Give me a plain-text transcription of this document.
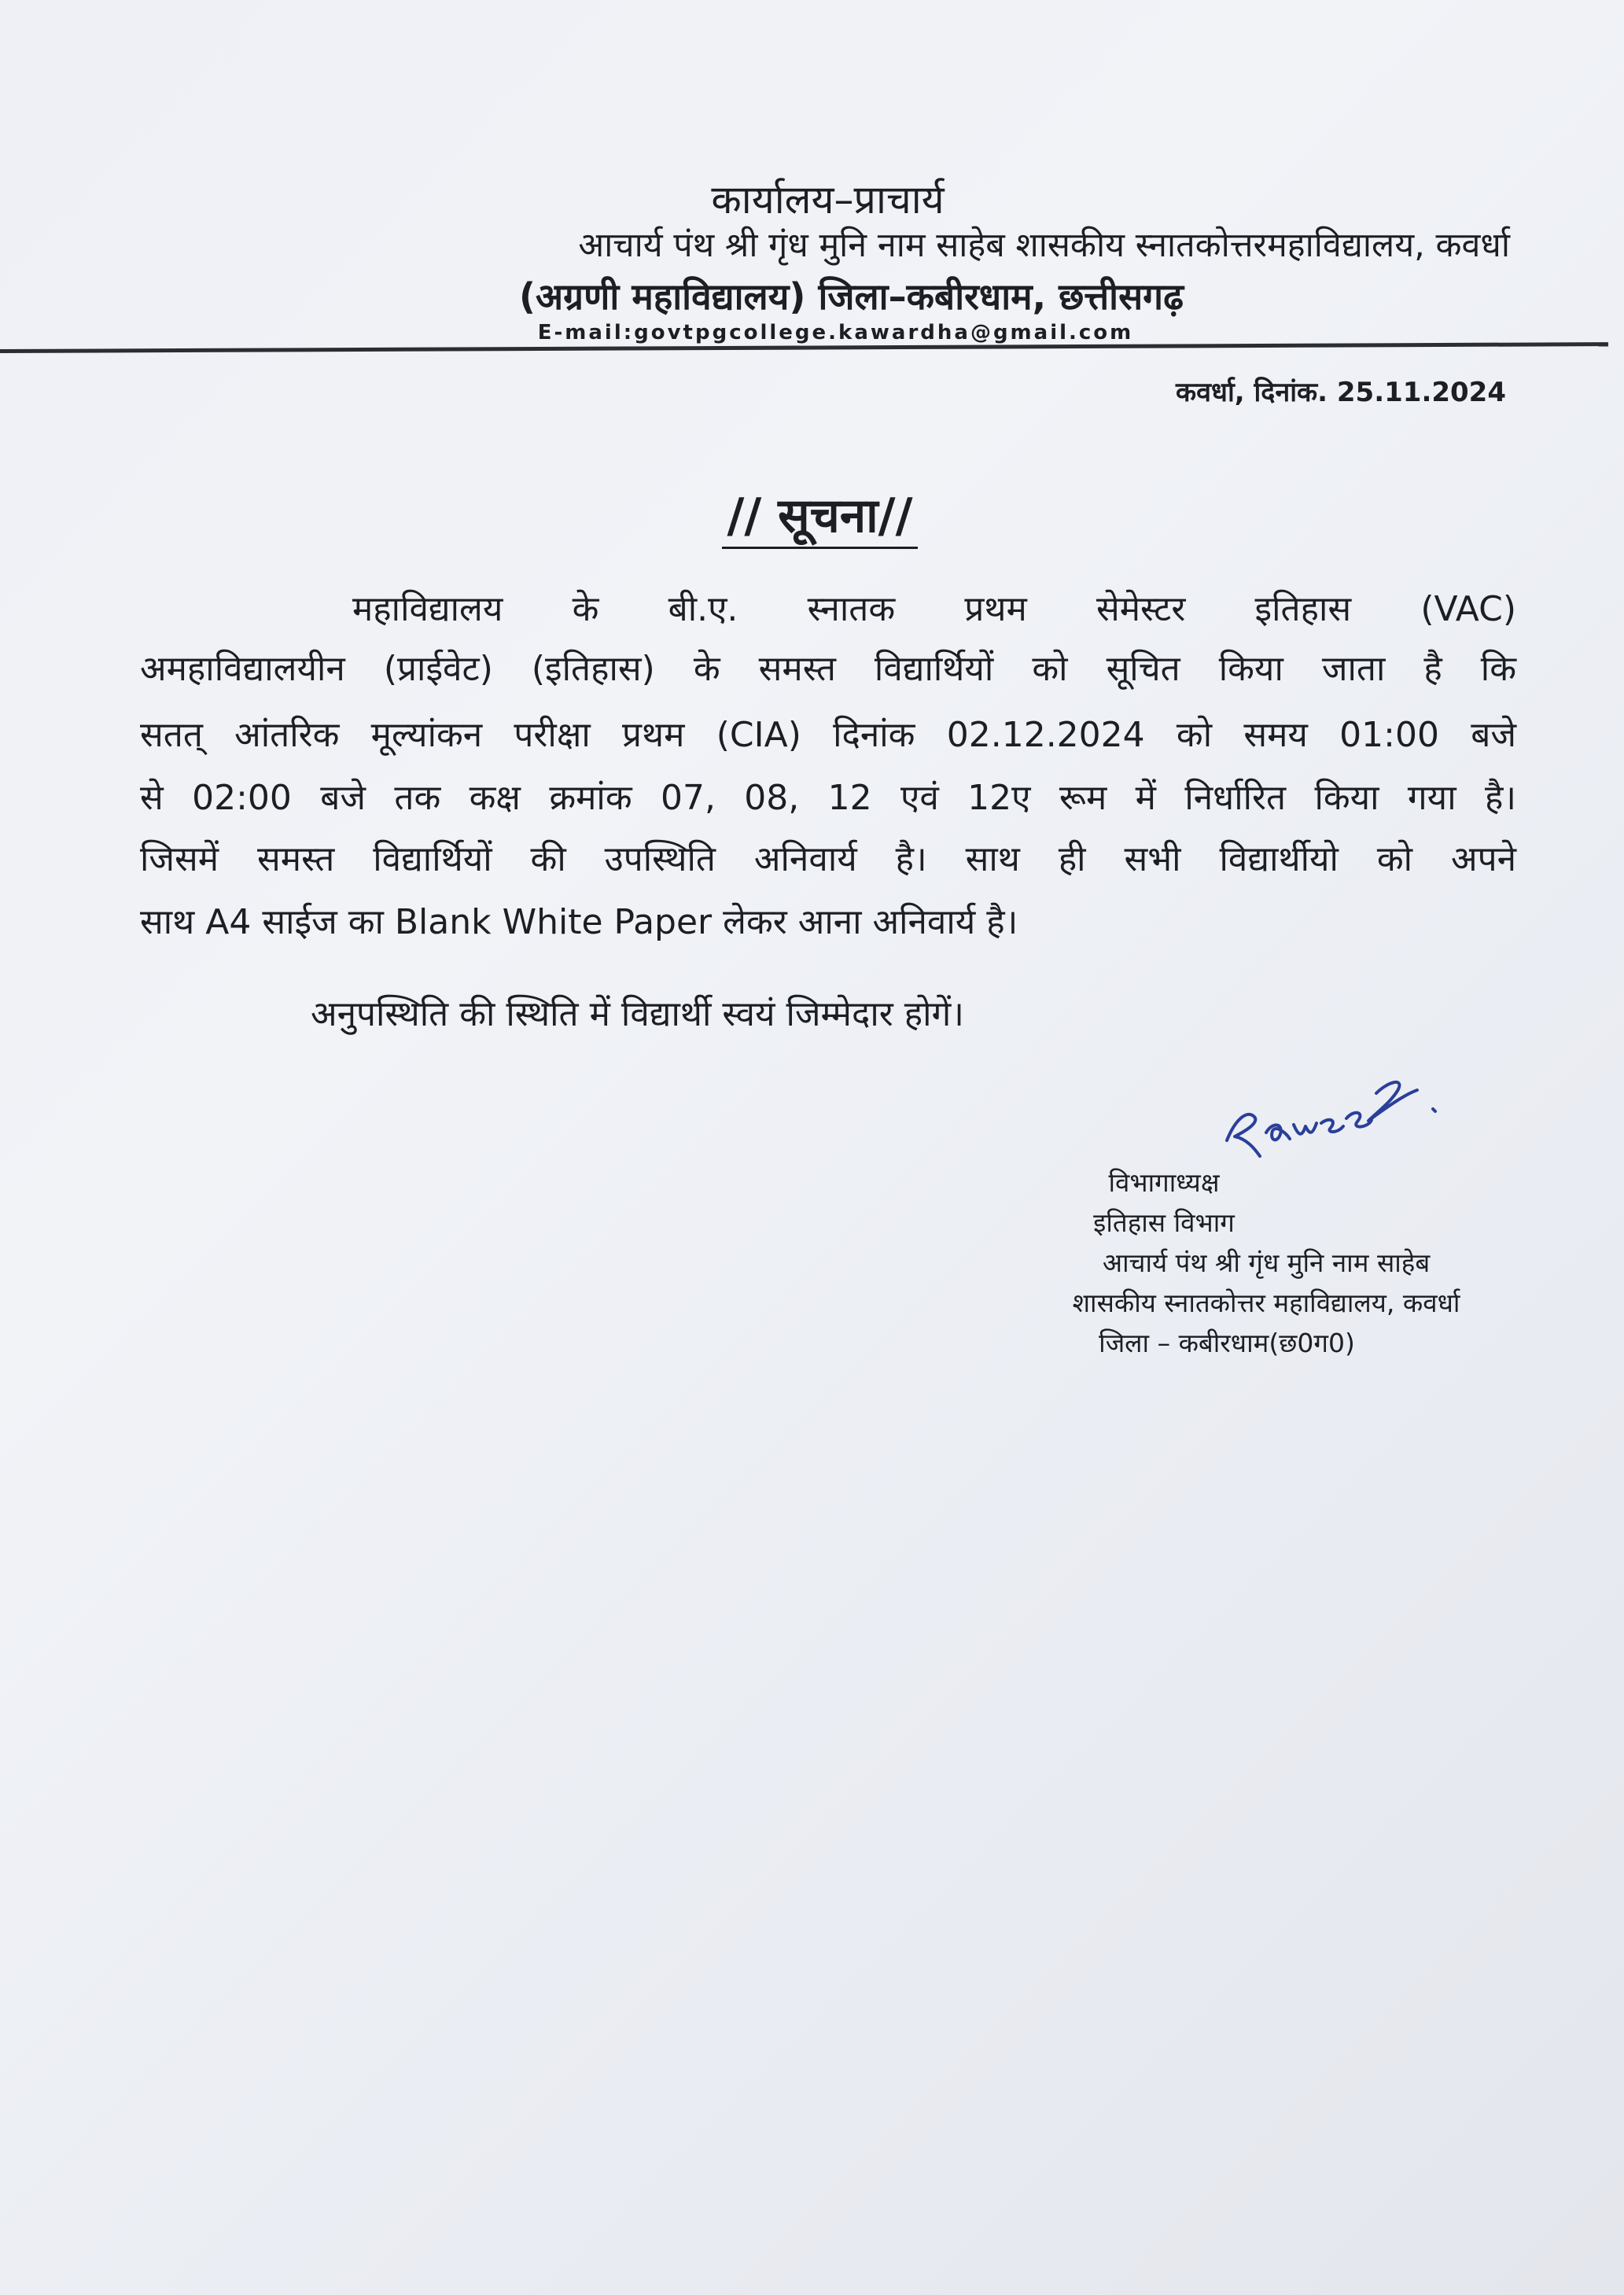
कार्यालय–प्राचार्य
आचार्य पंथ श्री गृंध मुनि नाम साहेब शासकीय स्नातकोत्तरमहाविद्यालय, कवर्धा
(अग्रणी महाविद्यालय) जिला–कबीरधाम, छत्तीसगढ़
E-mail:govtpgcollege.kawardha@gmail.com
कवर्धा, दिनांक. 25.11.2024
// सूचना//
महाविद्यालय के बी.ए. स्नातक प्रथम सेमेस्टर इतिहास (VAC)
अमहाविद्यालयीन (प्राईवेट) (इतिहास) के समस्त विद्यार्थियों को सूचित किया जाता है कि
सतत् आंतरिक मूल्यांकन परीक्षा प्रथम (CIA) दिनांक 02.12.2024 को समय 01:00 बजे
से 02:00 बजे तक कक्ष क्रमांक 07, 08, 12 एवं 12ए रूम में निर्धारित किया गया है।
जिसमें समस्त विद्यार्थियों की उपस्थिति अनिवार्य है। साथ ही सभी विद्यार्थीयो को अपने
साथ A4 साईज का Blank White Paper लेकर आना अनिवार्य है।
अनुपस्थिति की स्थिति में विद्यार्थी स्वयं जिम्मेदार होगें।
विभागाध्यक्ष
इतिहास विभाग
आचार्य पंथ श्री गृंध मुनि नाम साहेब
शासकीय स्नातकोत्तर महाविद्यालय, कवर्धा
जिला – कबीरधाम(छ0ग0)
